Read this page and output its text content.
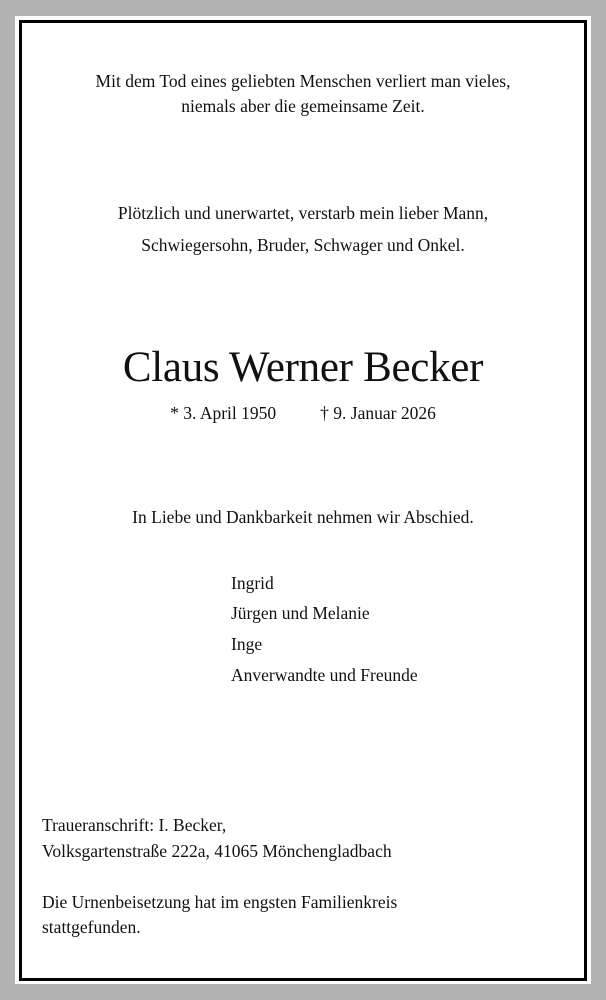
Mit dem Tod eines geliebten Menschen verliert man vieles,
niemals aber die gemeinsame Zeit.
Plötzlich und unerwartet, verstarb mein lieber Mann,
Schwiegersohn, Bruder, Schwager und Onkel.
Claus Werner Becker
* 3. April 1950	† 9. Januar 2026
In Liebe und Dankbarkeit nehmen wir Abschied.
Ingrid
Jürgen und Melanie
Inge
Anverwandte und Freunde
Traueranschrift: I. Becker,
Volksgartenstraße 222a, 41065 Mönchengladbach
Die Urnenbeisetzung hat im engsten Familienkreis
stattgefunden.
